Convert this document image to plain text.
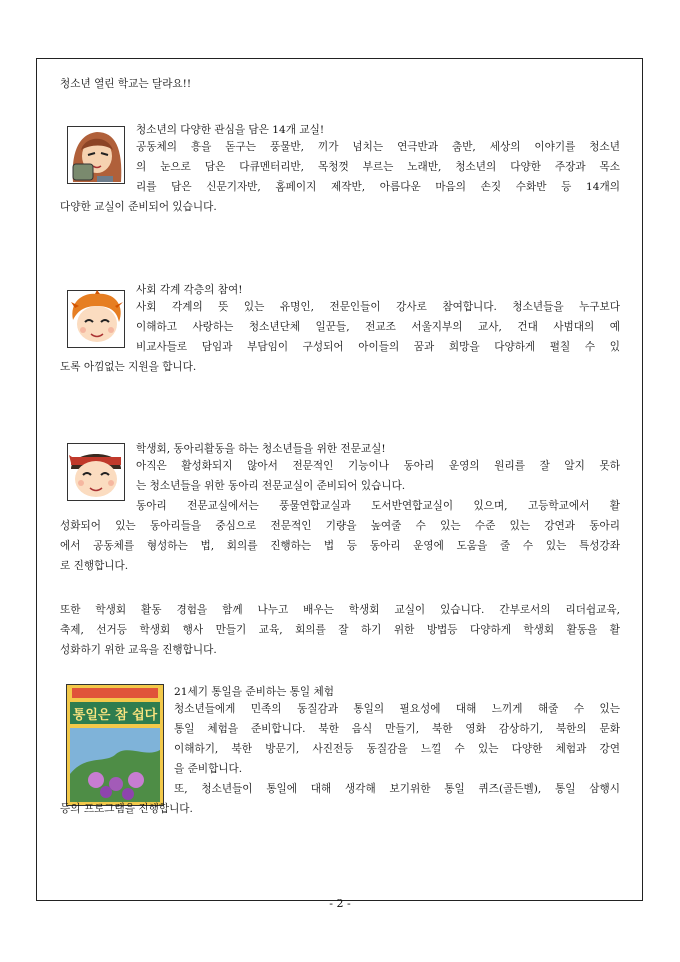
청소년 열린 학교는 달라요!!
청소년의 다양한 관심을 담은 14개 교실!
공동체의 흥을 돋구는 풍물반, 끼가 넘치는 연극반과 춤반, 세상의 이야기를 청소년
의 눈으로 담은 다큐멘터리반, 목청껏 부르는 노래반, 청소년의 다양한 주장과 목소
리를 담은 신문기자반, 홈페이지 제작반, 아름다운 마음의 손짓 수화반 등 14개의
다양한 교실이 준비되어 있습니다.
사회 각계 각층의 참여!
사회 각계의 뜻 있는 유명인, 전문인들이 강사로 참여합니다. 청소년들을 누구보다
이해하고 사랑하는 청소년단체 일꾼들, 전교조 서울지부의 교사, 건대 사범대의 예
비교사들로 담임과 부담임이 구성되어 아이들의 꿈과 희망을 다양하게 펼칠 수 있
도록 아낌없는 지원을 합니다.
학생회, 동아리활동을 하는 청소년들을 위한 전문교실!
아직은 활성화되지 않아서 전문적인 기능이나 동아리 운영의 원리를 잘 알지 못하
는 청소년들을 위한 동아리 전문교실이 준비되어 있습니다.
동아리 전문교실에서는 풍물연합교실과 도서반연합교실이 있으며, 고등학교에서 활
성화되어 있는 동아리들을 중심으로 전문적인 기량을 높여줄 수 있는 수준 있는 강연과 동아리
에서 공동체를 형성하는 법, 회의를 진행하는 법 등 동아리 운영에 도움을 줄 수 있는 특성강좌
로 진행합니다.
또한 학생회 활동 경험을 함께 나누고 배우는 학생회 교실이 있습니다. 간부로서의 리더쉽교육,
축제, 선거등 학생회 행사 만들기 교육, 회의를 잘 하기 위한 방법등 다양하게 학생회 활동을 활
성화하기 위한 교육을 진행합니다.
통일은 참 쉽다
21세기 통일을 준비하는 통일 체험
청소년들에게 민족의 동질감과 통일의 필요성에 대해 느끼게 해줄 수 있는
통일 체험을 준비합니다. 북한 음식 만들기, 북한 영화 감상하기, 북한의 문화
이해하기, 북한 방문기, 사진전등 동질감을 느낄 수 있는 다양한 체험과 강연
을 준비합니다.
또, 청소년들이 통일에 대해 생각해 보기위한 통일 퀴즈(골든벨), 통일 삼행시
등의 프로그램을 진행합니다.
- 2 -
